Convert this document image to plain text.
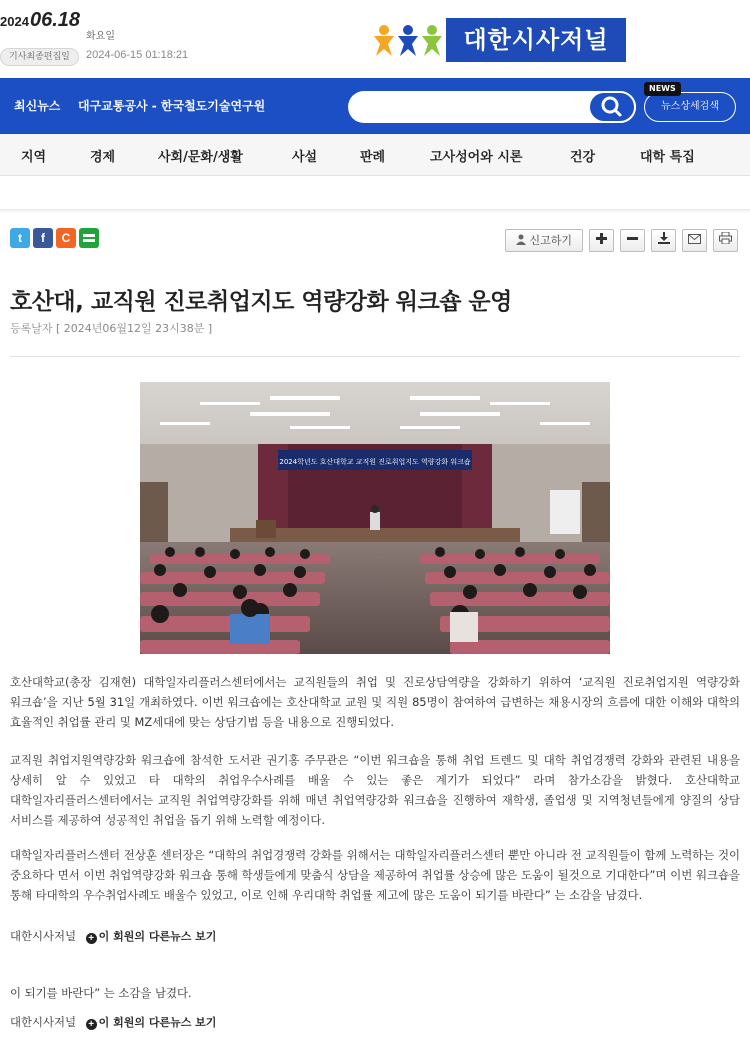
2024 06.18
화요일
기사최종편집일	2024-06-15 01:18:21
대한시사저널
최신뉴스 대구교통공사 - 한국철도기술연구원	뉴스상세검색
NEWS
지역	경제	사회/문화/생활	사설	판례	고사성어와 시론	건강	대학 특집
t	f	C	신고하기
호산대, 교직원 진로취업지도 역량강화 워크숍 운영
등록날자 [ 2024년06월12일 23시38분 ]
2024학년도 호산대학교 교직원 진로취업지도 역량강화 워크숍

호산대학교(총장 김재현) 대학일자리플러스센터에서는 교직원들의 취업 및 진로상담역량을 강화하기 위하여 ‘교직원 진로취업지원 역량강화 워크숍’을 지난 5월 31일 개최하였다. 이번 워크숍에는 호산대학교 교원 및 직원 85명이 참여하여 급변하는 채용시장의 흐름에 대한 이해와 대학의 효율적인 취업률 관리 및 MZ세대에 맞는 상담기법 등을 내용으로 진행되었다.

교직원 취업지원역량강화 워크숍에 참석한 도서관 권기홍 주무관은 “이번 워크숍을 통해 취업 트렌드 및 대학 취업경쟁력 강화와 관련된 내용을 상세히 알 수 있었고 타 대학의 취업우수사례를 배울 수 있는 좋은 계기가 되었다” 라며 참가소감을 밝혔다. 호산대학교 대학일자리플러스센터에서는 교직원 취업역량강화를 위해 매년 취업역량강화 워크숍을 진행하여 재학생, 졸업생 및 지역청년들에게 양질의 상담 서비스를 제공하여 성공적인 취업을 돕기 위해 노력할 예정이다.

대학일자리플러스센터 전상훈 센터장은 “대학의 취업경쟁력 강화를 위해서는 대학일자리플러스센터 뿐만 아니라 전 교직원들이 함께 노력하는 것이 중요하다 면서 이번 취업역량강화 워크숍 통해 학생들에게 맞춤식 상담을 제공하여 취업률 상승에 많은 도움이 될것으로 기대한다”며 이번 워크숍을 통해 타대학의 우수취업사례도 배울수 있었고, 이로 인해 우리대학 취업률 제고에 많은 도움이 되기를 바란다” 는 소감을 남겼다.

대한시사저널 + 이 회원의 다른뉴스 보기

이 되기를 바란다” 는 소감을 남겼다.

대한시사저널 + 이 회원의 다른뉴스 보기
